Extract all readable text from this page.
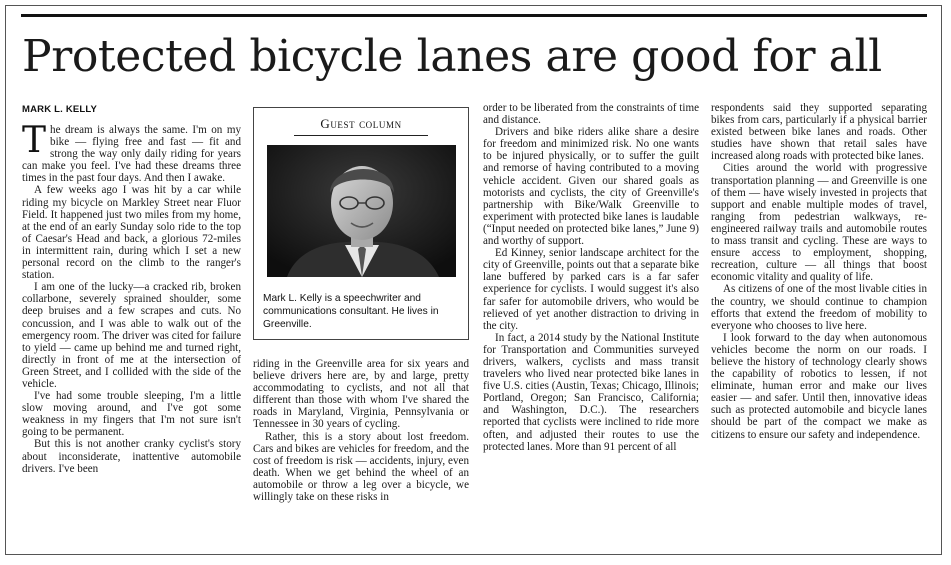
Protected bicycle lanes are good for all
MARK L. KELLY

The dream is always the same. I'm on my bike — flying free and fast — fit and strong the way only daily riding for years can make you feel. I've had these dreams three times in the past four days. And then I awake.

A few weeks ago I was hit by a car while riding my bicycle on Markley Street near Fluor Field. It happened just two miles from my home, at the end of an early Sunday solo ride to the top of Caesar's Head and back, a glorious 72-miles in intermittent rain, during which I set a new personal record on the climb to the ranger's station.

I am one of the lucky—a cracked rib, broken collarbone, severely sprained shoulder, some deep bruises and a few scrapes and cuts. No concussion, and I was able to walk out of the emergency room. The driver was cited for failure to yield — came up behind me and turned right, directly in front of me at the intersection of Green Street, and I collided with the side of the vehicle.

I've had some trouble sleeping, I'm a little slow moving around, and I've got some weakness in my fingers that I'm not sure isn't going to be permanent.

But this is not another cranky cyclist's story about inconsiderate, inattentive automobile drivers. I've been

Guest column
Mark L. Kelly is a speechwriter and communications consultant. He lives in Greenville.

riding in the Greenville area for six years and believe drivers here are, by and large, pretty accommodating to cyclists, and not all that different than those with whom I've shared the roads in Maryland, Virginia, Pennsylvania or Tennessee in 30 years of cycling.

Rather, this is a story about lost freedom. Cars and bikes are vehicles for freedom, and the cost of freedom is risk — accidents, injury, even death. When we get behind the wheel of an automobile or throw a leg over a bicycle, we willingly take on these risks in

order to be liberated from the constraints of time and distance.

Drivers and bike riders alike share a desire for freedom and minimized risk. No one wants to be injured physically, or to suffer the guilt and remorse of having contributed to a moving vehicle accident. Given our shared goals as motorists and cyclists, the city of Greenville's partnership with Bike/Walk Greenville to experiment with protected bike lanes is laudable (“Input needed on protected bike lanes,” June 9) and worthy of support.

Ed Kinney, senior landscape architect for the city of Greenville, points out that a separate bike lane buffered by parked cars is a far safer experience for cyclists. I would suggest it's also far safer for automobile drivers, who would be relieved of yet another distraction to driving in the city.

In fact, a 2014 study by the National Institute for Transportation and Communities surveyed drivers, walkers, cyclists and mass transit travelers who lived near protected bike lanes in five U.S. cities (Austin, Texas; Chicago, Illinois; Portland, Oregon; San Francisco, California; and Washington, D.C.). The researchers reported that cyclists were inclined to ride more often, and adjusted their routes to use the protected lanes. More than 91 percent of all

respondents said they supported separating bikes from cars, particularly if a physical barrier existed between bike lanes and roads. Other studies have shown that retail sales have increased along roads with protected bike lanes.

Cities around the world with progressive transportation planning — and Greenville is one of them — have wisely invested in projects that support and enable multiple modes of travel, ranging from pedestrian walkways, re-engineered railway trails and automobile routes to mass transit and cycling. These are ways to ensure access to employment, shopping, recreation, culture — all things that boost economic vitality and quality of life.

As citizens of one of the most livable cities in the country, we should continue to champion efforts that extend the freedom of mobility to everyone who chooses to live here.

I look forward to the day when autonomous vehicles become the norm on our roads. I believe the history of technology clearly shows the capability of robotics to lessen, if not eliminate, human error and make our lives easier — and safer. Until then, innovative ideas such as protected automobile and bicycle lanes should be part of the compact we make as citizens to ensure our safety and independence.
